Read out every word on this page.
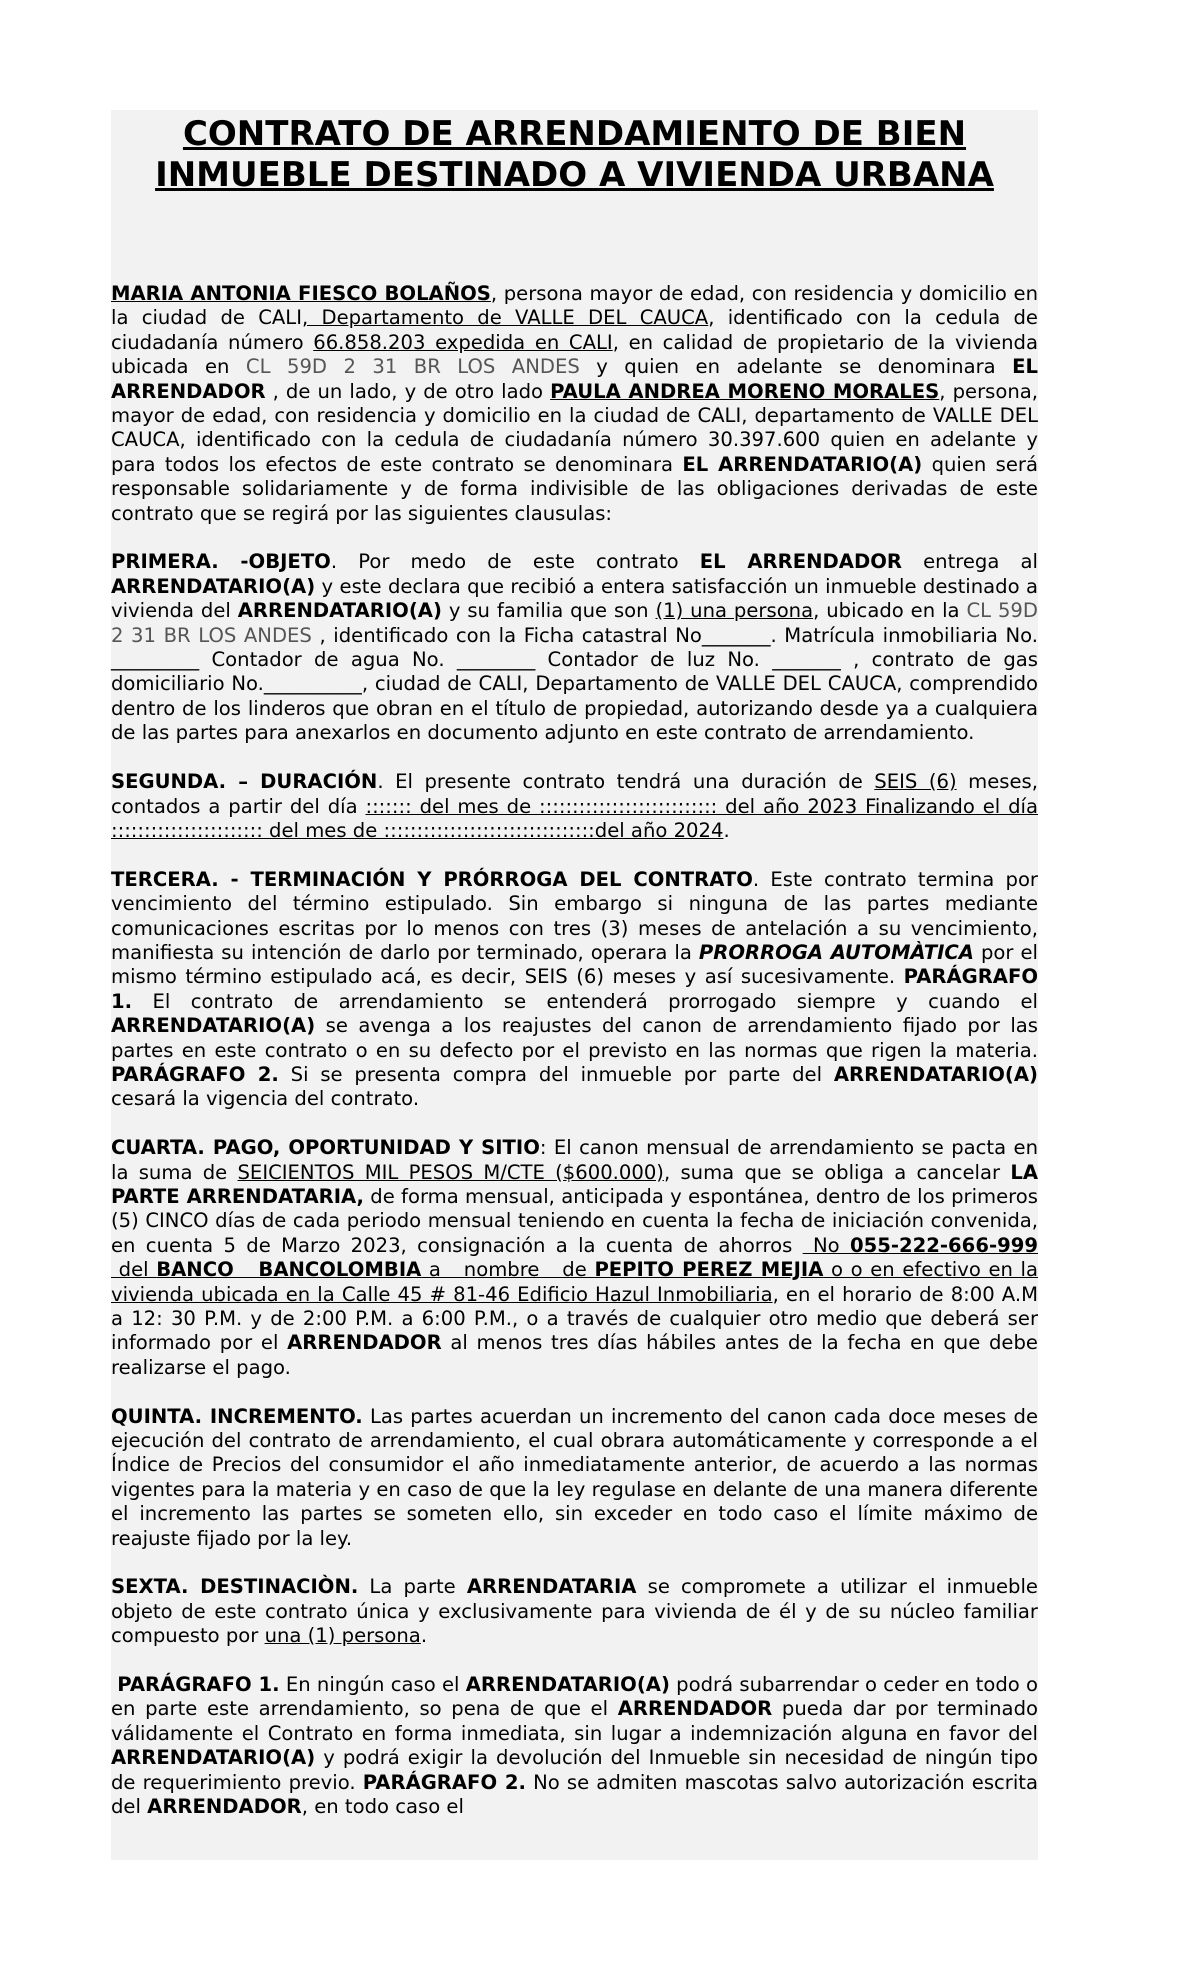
CONTRATO DE ARRENDAMIENTO DE BIEN
INMUEBLE DESTINADO A VIVIENDA URBANA
MARIA ANTONIA FIESCO BOLAÑOS, persona mayor de edad, con residencia y domicilio en la ciudad de CALI, Departamento de VALLE DEL CAUCA, identificado con la cedula de ciudadanía número 66.858.203 expedida en CALI, en calidad de propietario de la vivienda ubicada en CL 59D 2 31 BR LOS ANDES y quien en adelante se denominara EL ARRENDADOR , de un lado, y de otro lado PAULA ANDREA MORENO MORALES, persona, mayor de edad, con residencia y domicilio en la ciudad de CALI, departamento de VALLE DEL CAUCA, identificado con la cedula de ciudadanía número 30.397.600 quien en adelante y para todos los efectos de este contrato se denominara EL ARRENDATARIO(A) quien será responsable solidariamente y de forma indivisible de las obligaciones derivadas de este contrato que se regirá por las siguientes clausulas:
PRIMERA. -OBJETO. Por medo de este contrato EL ARRENDADOR entrega al ARRENDATARIO(A) y este declara que recibió a entera satisfacción un inmueble destinado a vivienda del ARRENDATARIO(A) y su familia que son (1) una persona, ubicado en la CL 59D 2 31 BR LOS ANDES , identificado con la Ficha catastral No_______. Matrícula inmobiliaria No. _________ Contador de agua No. ________ Contador de luz No. _______ , contrato de gas domiciliario No.__________, ciudad de CALI, Departamento de VALLE DEL CAUCA, comprendido dentro de los linderos que obran en el título de propiedad, autorizando desde ya a cualquiera de las partes para anexarlos en documento adjunto en este contrato de arrendamiento.
SEGUNDA. – DURACIÓN. El presente contrato tendrá una duración de SEIS (6) meses, contados a partir del día ::::::: del mes de ::::::::::::::::::::::::::: del año 2023 Finalizando el día ::::::::::::::::::::::: del mes de ::::::::::::::::::::::::::::::::del año 2024.
TERCERA. - TERMINACIÓN Y PRÓRROGA DEL CONTRATO. Este contrato termina por vencimiento del término estipulado. Sin embargo si ninguna de las partes mediante comunicaciones escritas por lo menos con tres (3) meses de antelación a su vencimiento, manifiesta su intención de darlo por terminado, operara la PRORROGA AUTOMÀTICA por el mismo término estipulado acá, es decir, SEIS (6) meses y así sucesivamente. PARÁGRAFO 1. El contrato de arrendamiento se entenderá prorrogado siempre y cuando el ARRENDATARIO(A) se avenga a los reajustes del canon de arrendamiento fijado por las partes en este contrato o en su defecto por el previsto en las normas que rigen la materia. PARÁGRAFO 2. Si se presenta compra del inmueble por parte del ARRENDATARIO(A) cesará la vigencia del contrato.
CUARTA. PAGO, OPORTUNIDAD Y SITIO: El canon mensual de arrendamiento se pacta en la suma de SEICIENTOS MIL PESOS M/CTE ($600.000), suma que se obliga a cancelar LA PARTE ARRENDATARIA, de forma mensual, anticipada y espontánea, dentro de los primeros (5) CINCO días de cada periodo mensual teniendo en cuenta la fecha de iniciación convenida, en cuenta 5 de Marzo 2023, consignación a la cuenta de ahorros  No 055-222-666-999 del BANCO   BANCOLOMBIA a   nombre   de PEPITO PEREZ MEJIA o o en efectivo en la vivienda ubicada en la Calle 45 # 81-46 Edificio Hazul Inmobiliaria, en el horario de 8:00 A.M a 12: 30 P.M. y de 2:00 P.M. a 6:00 P.M., o a través de cualquier otro medio que deberá ser informado por el ARRENDADOR al menos tres días hábiles antes de la fecha en que debe realizarse el pago.
QUINTA. INCREMENTO. Las partes acuerdan un incremento del canon cada doce meses de ejecución del contrato de arrendamiento, el cual obrara automáticamente y corresponde a el Índice de Precios del consumidor el año inmediatamente anterior, de acuerdo a las normas vigentes para la materia y en caso de que la ley regulase en delante de una manera diferente el incremento las partes se someten ello, sin exceder en todo caso el límite máximo de reajuste fijado por la ley.
SEXTA. DESTINACIÒN. La parte ARRENDATARIA se compromete a utilizar el inmueble objeto de este contrato única y exclusivamente para vivienda de él y de su núcleo familiar compuesto por una (1) persona.
PARÁGRAFO 1. En ningún caso el ARRENDATARIO(A) podrá subarrendar o ceder en todo o en parte este arrendamiento, so pena de que el ARRENDADOR pueda dar por terminado válidamente el Contrato en forma inmediata, sin lugar a indemnización alguna en favor del ARRENDATARIO(A) y podrá exigir la devolución del Inmueble sin necesidad de ningún tipo de requerimiento previo. PARÁGRAFO 2. No se admiten mascotas salvo autorización escrita del ARRENDADOR, en todo caso el
